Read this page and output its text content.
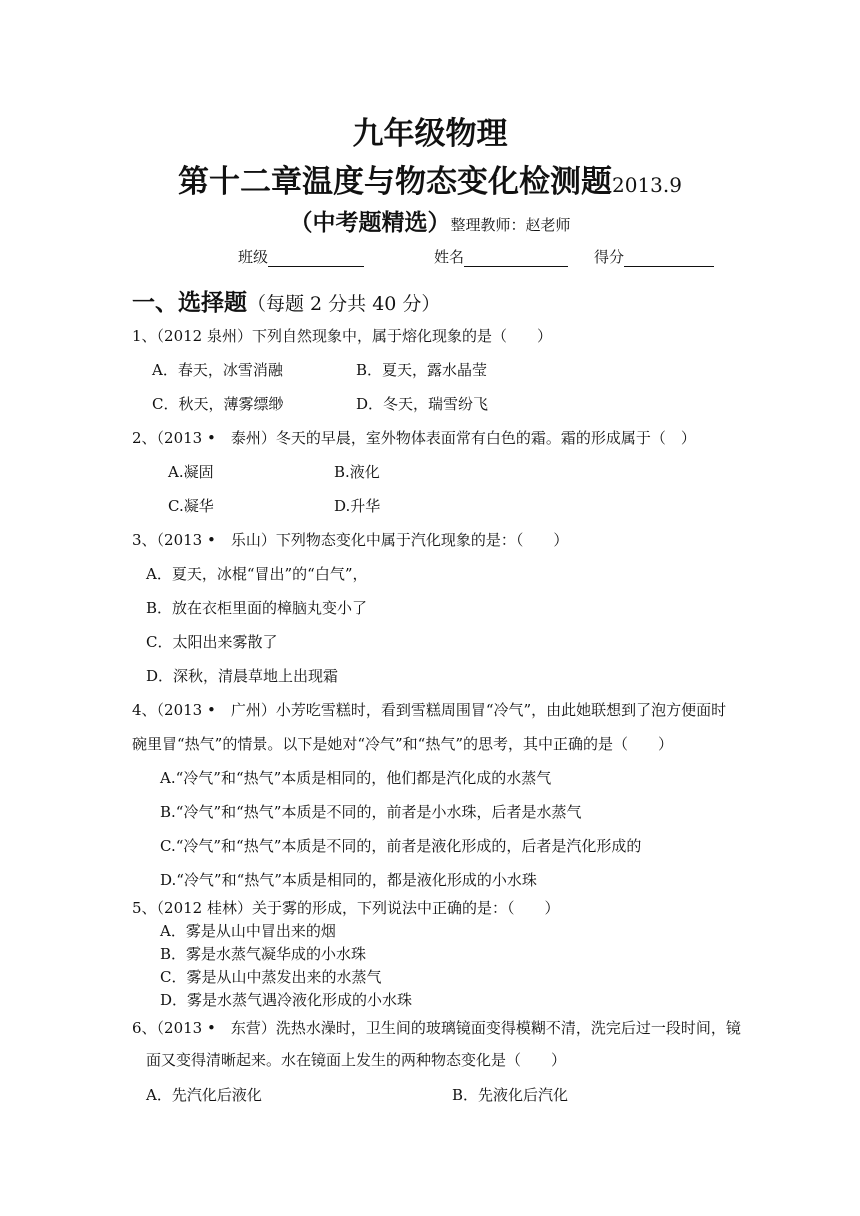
九年级物理
第十二章温度与物态变化检测题2013.9
（中考题精选）整理教师：赵老师
班级	姓名	得分
一、选择题（每题 2 分共 40 分）
1、（2012 泉州）下列自然现象中，属于熔化现象的是（　　）
A．春天，冰雪消融	B．夏天，露水晶莹
C．秋天，薄雾缥缈	D．冬天，瑞雪纷飞
2、（2013 •　泰州）冬天的早晨，室外物体表面常有白色的霜。霜的形成属于（　）
A.凝固	B.液化
C.凝华	D.升华
3、（2013 •　乐山）下列物态变化中属于汽化现象的是：（　　）
A．夏天，冰棍“冒出”的“白气”，
B．放在衣柜里面的樟脑丸变小了
C．太阳出来雾散了
D．深秋，清晨草地上出现霜
4、（2013 •　广州）小芳吃雪糕时，看到雪糕周围冒“冷气”，由此她联想到了泡方便面时
碗里冒“热气”的情景。以下是她对“冷气”和“热气”的思考，其中正确的是（　　）
A.“冷气”和“热气”本质是相同的，他们都是汽化成的水蒸气
B.“冷气”和“热气”本质是不同的，前者是小水珠，后者是水蒸气
C.“冷气”和“热气”本质是不同的，前者是液化形成的，后者是汽化形成的
D.“冷气”和“热气”本质是相同的，都是液化形成的小水珠
5、（2012 桂林）关于雾的形成，下列说法中正确的是：（　　）
A．雾是从山中冒出来的烟
B．雾是水蒸气凝华成的小水珠
C．雾是从山中蒸发出来的水蒸气
D．雾是水蒸气遇冷液化形成的小水珠
6、（2013 •　东营）洗热水澡时，卫生间的玻璃镜面变得模糊不清，洗完后过一段时间，镜
面又变得清晰起来。水在镜面上发生的两种物态变化是（　　）
A．先汽化后液化	B．先液化后汽化
